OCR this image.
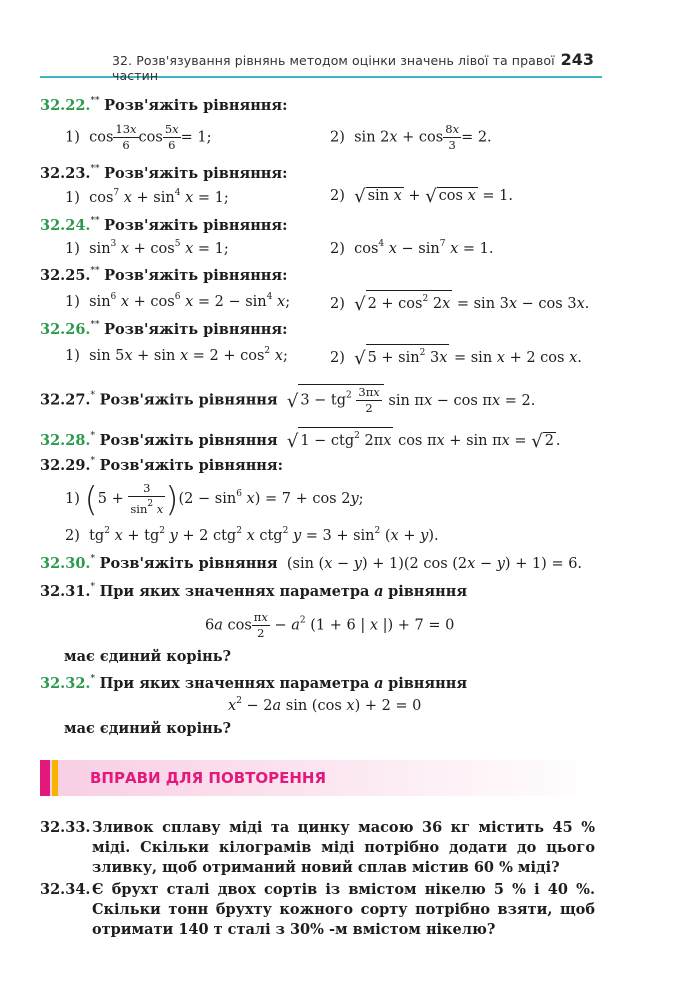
32. Розв'язування рівнянь методом оцінки значень лівої та правої частин
243
32.22.** Розв'яжіть рівняння:
1)  $\cos \frac{13x}{6}$ $\cos \frac{5x}{6} = 1$;	2)  $\sin 2x + \cos \frac{8x}{3} = 2$.
32.23.** Розв'яжіть рівняння:
1)  $\cos^7 x + \sin^4 x = 1$;	2) √ sin x + √ cos x = 1.
32.24.** Розв'яжіть рівняння:
1)  $\sin^3 x + \cos^5 x = 1$;	2)  $\cos^4 x - \sin^7 x = 1$.
32.25.** Розв'яжіть рівняння:
1)  $\sin^6 x + \cos^6 x = 2 - \sin^4 x$;	2) √ $2 + \cos^2 2x = \sin 3x - \cos 3x$.
32.26.** Розв'яжіть рівняння:
1)  $\sin 5x + \sin x = 2 + \cos^2 x$;	2) √ $5 + \sin^2 3x = \sin x + 2$ cos x.
32.27.* Розв'яжіть рівняння √ $3 - tg^2 \frac{3\pi x}{2}$ sin πx − cos πx = 2.
32.28.* Розв'яжіть рівняння √ 1 − ctg$^2$ 2πx cos πx + sin πx = √ 2 .
32.29.* Розв'яжіть рівняння:
1) $(5 + \frac{3}{\sin^2 x} )(2 - \sin^6 x) = 7 + \cos 2y$;
2)  $tg^2$ $x + tg^2$ y + 2 ctg$^2$ x ctg$^2$ $y = 3 + \sin^2 (x + y)$.
32.30.* Розв'яжіть рівняння (sin (x − y) + 1)(2 cos (2x − y) + 1) = 6.
32.31.* При яких значеннях параметра a рівняння
6a $\cos \frac{\pi x}{2} - a^2$ (1 + 6 | x |) + 7 = 0
має єдиний корінь?
32.32.* При яких значеннях параметра a рівняння
$x^2 - 2a$ sin (cos x) + 2 = 0
має єдиний корінь?
ВПРАВИ ДЛЯ ПОВТОРЕННЯ
32.33. Зливок сплаву міді та цинку масою 36 кг містить 45 % міді. Скільки кілограмів міді потрібно додати до цього зливку, щоб отриманий новий сплав містив 60 % міді?
32.34. Є брухт сталі двох сортів із вмістом нікелю 5 % і 40 %. Скільки тонн брухту кожного сорту потрібно взяти, щоб отримати 140 т сталі з 30% -м вмістом нікелю?
